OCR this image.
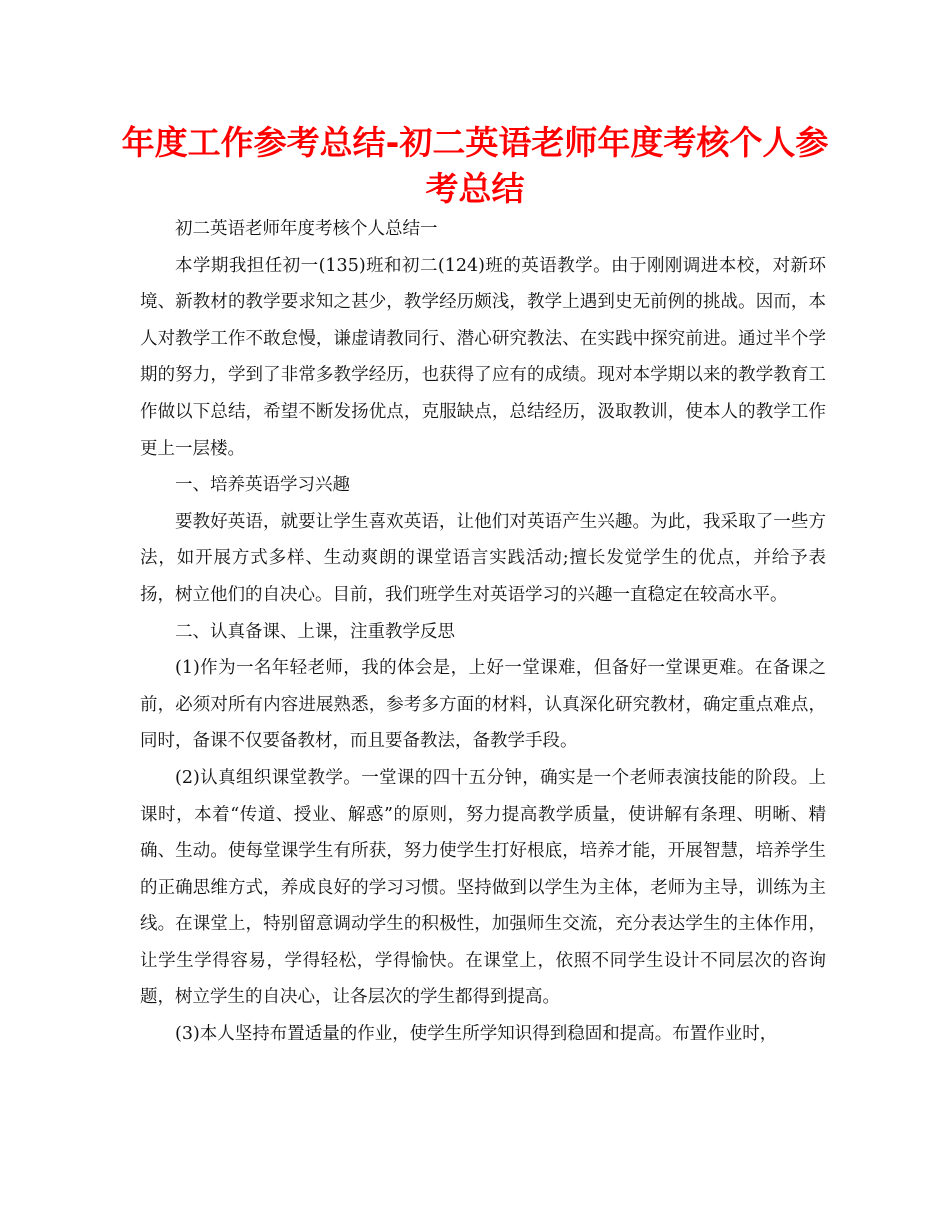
年度工作参考总结-初二英语老师年度考核个人参考总结

初二英语老师年度考核个人总结一

本学期我担任初一(135)班和初二(124)班的英语教学。由于刚刚调进本校，对新环境、新教材的教学要求知之甚少，教学经历颇浅，教学上遇到史无前例的挑战。因而，本人对教学工作不敢怠慢，谦虚请教同行、潜心研究教法、在实践中探究前进。通过半个学期的努力，学到了非常多教学经历，也获得了应有的成绩。现对本学期以来的教学教育工作做以下总结，希望不断发扬优点，克服缺点，总结经历，汲取教训，使本人的教学工作更上一层楼。

一、培养英语学习兴趣

要教好英语，就要让学生喜欢英语，让他们对英语产生兴趣。为此，我采取了一些方法，如开展方式多样、生动爽朗的课堂语言实践活动;擅长发觉学生的优点，并给予表扬，树立他们的自决心。目前，我们班学生对英语学习的兴趣一直稳定在较高水平。

二、认真备课、上课，注重教学反思

(1)作为一名年轻老师，我的体会是，上好一堂课难，但备好一堂课更难。在备课之前，必须对所有内容进展熟悉，参考多方面的材料，认真深化研究教材，确定重点难点，同时，备课不仅要备教材，而且要备教法，备教学手段。

(2)认真组织课堂教学。一堂课的四十五分钟，确实是一个老师表演技能的阶段。上课时，本着“传道、授业、解惑”的原则，努力提高教学质量，使讲解有条理、明晰、精确、生动。使每堂课学生有所获，努力使学生打好根底，培养才能，开展智慧，培养学生的正确思维方式，养成良好的学习习惯。坚持做到以学生为主体，老师为主导，训练为主线。在课堂上，特别留意调动学生的积极性，加强师生交流，充分表达学生的主体作用，让学生学得容易，学得轻松，学得愉快。在课堂上，依照不同学生设计不同层次的咨询题，树立学生的自决心，让各层次的学生都得到提高。

(3)本人坚持布置适量的作业，使学生所学知识得到稳固和提高。布置作业时，
